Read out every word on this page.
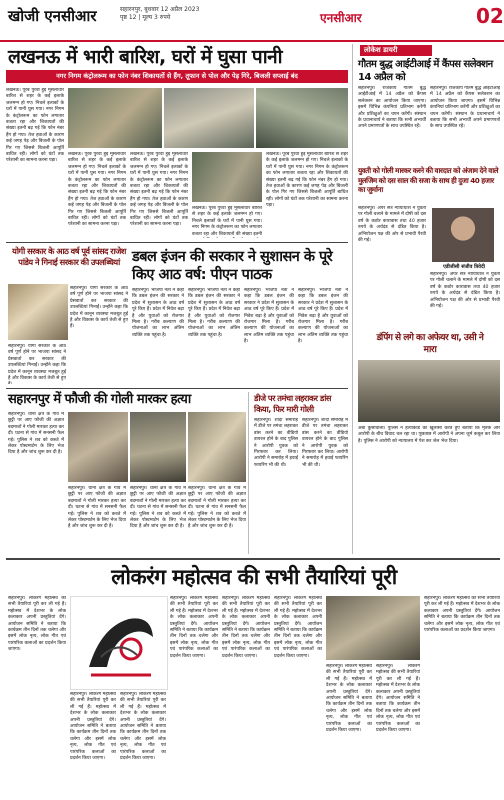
खोजी एनसीआर	सहारनपुर, बुधवार 12 अप्रैल 2023
पृष्ठ 12 | मूल्य 3 रुपये	एनसीआर	02
लखनऊ में भारी बारिश, घरों में घुसा पानी
नगर निगम कंट्रोलरूम का फोन नंबर शिकायतों से हैंग, तूफान से पोल और पेड़ गिरे, बिजली सप्लाई बंद
लखनऊ। पूरब पुरवा हुई मूसलाधार बारिश से शहर के कई इलाके जलमग्न हो गए। निचले इलाकों के घरों में पानी घुस गया। नगर निगम के कंट्रोलरूम का फोन लगातार बजता रहा और शिकायतों की संख्या इतनी बढ़ गई कि फोन नंबर हैंग हो गया। तेज हवाओं के कारण कई जगह पेड़ और बिजली के पोल गिर गए जिससे बिजली आपूर्ति बाधित रही। लोगों को घंटों तक परेशानी का सामना करना पड़ा।
लखनऊ। पूरब पुरवा हुई मूसलाधार बारिश से शहर के कई इलाके जलमग्न हो गए। निचले इलाकों के घरों में पानी घुस गया। नगर निगम के कंट्रोलरूम का फोन लगातार बजता रहा और शिकायतों की संख्या इतनी बढ़ गई कि फोन नंबर हैंग हो गया। तेज हवाओं के कारण कई जगह पेड़ और बिजली के पोल गिर गए जिससे बिजली आपूर्ति बाधित रही। लोगों को घंटों तक परेशानी का सामना करना पड़ा।
लखनऊ। पूरब पुरवा हुई मूसलाधार बारिश से शहर के कई इलाके जलमग्न हो गए। निचले इलाकों के घरों में पानी घुस गया। नगर निगम के कंट्रोलरूम का फोन लगातार बजता रहा और शिकायतों की संख्या इतनी बढ़ गई कि फोन नंबर हैंग हो गया। तेज हवाओं के कारण कई जगह पेड़ और बिजली के पोल गिर गए जिससे बिजली आपूर्ति बाधित रही। लोगों को घंटों तक परेशानी का सामना करना पड़ा।
लखनऊ। पूरब पुरवा हुई मूसलाधार बारिश से शहर के कई इलाके जलमग्न हो गए। निचले इलाकों के घरों में पानी घुस गया। नगर निगम के कंट्रोलरूम का फोन लगातार बजता रहा और शिकायतों की संख्या इतनी
लखनऊ। पूरब पुरवा हुई मूसलाधार बारिश से शहर के कई इलाके जलमग्न हो गए। निचले इलाकों के घरों में पानी घुस गया। नगर निगम के कंट्रोलरूम का फोन लगातार बजता रहा और शिकायतों की संख्या इतनी बढ़ गई कि फोन नंबर हैंग हो गया। तेज हवाओं के कारण कई जगह पेड़ और बिजली के पोल गिर गए जिससे बिजली आपूर्ति बाधित रही। लोगों को घंटों तक परेशानी का सामना करना पड़ा।
लोकेश डायरी
गौतम बुद्ध आईटीआई में कैंपस सलेक्शन 14 अप्रैल को
सहारनपुर। राजकीय गौतम बुद्ध आईटीआई में 14 अप्रैल को कैंपस सलेक्शन का आयोजन किया जाएगा। इसमें विभिन्न कंपनियां प्रतिभाग करेंगी और प्रशिक्षुओं का चयन करेंगी। संस्थान के प्रधानाचार्य ने बताया कि सभी अभ्यर्थी अपने प्रमाणपत्रों के साथ उपस्थित रहें।
सहारनपुर। राजकीय गौतम बुद्ध आईटीआई में 14 अप्रैल को कैंपस सलेक्शन का आयोजन किया जाएगा। इसमें विभिन्न कंपनियां प्रतिभाग करेंगी और प्रशिक्षुओं का चयन करेंगी। संस्थान के प्रधानाचार्य ने बताया कि सभी अभ्यर्थी अपने प्रमाणपत्रों के साथ उपस्थित रहें।
युवती को गोली मारकर करने की वारदात को अंजाम देने वाले मुलजिम को दस साल की सजा के साथ ही दुजा 40 हजार का जुर्माना
सहारनपुर। अपर सत्र न्यायाधीश ने युवती पर गोली चलाने के मामले में दोषी को दस वर्ष के कठोर कारावास तथा 40 हजार रुपये के अर्थदंड से दंडित किया है। अभियोजन पक्ष की ओर से प्रभावी पैरवी की गई।
एडीजीसी संजीव त्रिवेदी
सहारनपुर। अपर सत्र न्यायाधीश ने युवती पर गोली चलाने के मामले में दोषी को दस वर्ष के कठोर कारावास तथा 40 हजार रुपये के अर्थदंड से दंडित किया है। अभियोजन पक्ष की ओर से प्रभावी पैरवी की गई।
डंपिंग से लगे का अफेयर था, उसी ने मारा
अंबा कुर्सीवाला। पुलिस ने हत्याकांड का खुलासा करते हुए बताया कि मृतक और आरोपी के बीच विवाद चल रहा था। पूछताछ में आरोपी ने अपना जुर्म कबूल कर लिया है। पुलिस ने आरोपी को न्यायालय में पेश कर जेल भेज दिया।
योगी सरकार के आठ वर्ष पूर्व सांसद राजेश पांडेय ने गिनाई सरकार की उपलब्धियां
सहारनपुर। योगी सरकार के आठ वर्ष पूर्ण होने पर भाजपा सांसद ने प्रेसवार्ता कर सरकार की उपलब्धियां गिनाईं। उन्होंने कहा कि प्रदेश में कानून व्यवस्था मजबूत हुई है और विकास के कार्य तेजी से हुए हैं।
सहारनपुर। योगी सरकार के आठ वर्ष पूर्ण होने पर भाजपा सांसद ने प्रेसवार्ता कर सरकार की उपलब्धियां गिनाईं। उन्होंने कहा कि प्रदेश में कानून व्यवस्था मजबूत हुई है और विकास के कार्य तेजी से हुए
डबल इंजन की सरकार ने सुशासन के पूरे किए आठ वर्ष: पीएन पाठक
सहारनपुर। भाजपा नेता ने कहा कि डबल इंजन की सरकार ने प्रदेश में सुशासन के आठ वर्ष पूरे किए हैं। प्रदेश में निवेश बढ़ा है और युवाओं को रोजगार मिला है। गरीब कल्याण की योजनाओं का लाभ अंतिम व्यक्ति तक पहुंचा है।
सहारनपुर। भाजपा नेता ने कहा कि डबल इंजन की सरकार ने प्रदेश में सुशासन के आठ वर्ष पूरे किए हैं। प्रदेश में निवेश बढ़ा है और युवाओं को रोजगार मिला है। गरीब कल्याण की योजनाओं का लाभ अंतिम व्यक्ति तक पहुंचा है।
सहारनपुर। भाजपा नेता ने कहा कि डबल इंजन की सरकार ने प्रदेश में सुशासन के आठ वर्ष पूरे किए हैं। प्रदेश में निवेश बढ़ा है और युवाओं को रोजगार मिला है। गरीब कल्याण की योजनाओं का लाभ अंतिम व्यक्ति तक पहुंचा है।
सहारनपुर। भाजपा नेता ने कहा कि डबल इंजन की सरकार ने प्रदेश में सुशासन के आठ वर्ष पूरे किए हैं। प्रदेश में निवेश बढ़ा है और युवाओं को रोजगार मिला है। गरीब कल्याण की योजनाओं का लाभ अंतिम व्यक्ति तक पहुंचा है।
सहारनपुर में फौजी की गोली मारकर हत्या
सहारनपुर। थाना क्षेत्र के गांव में छुट्टी पर आए फौजी की अज्ञात बदमाशों ने गोली मारकर हत्या कर दी। घटना से गांव में सनसनी फैल गई। पुलिस ने शव को कब्जे में लेकर पोस्टमार्टम के लिए भेज दिया है और जांच शुरू कर दी है।
सहारनपुर। थाना क्षेत्र के गांव में छुट्टी पर आए फौजी की अज्ञात बदमाशों ने गोली मारकर हत्या कर दी। घटना से गांव में सनसनी फैल गई। पुलिस ने शव को कब्जे में लेकर पोस्टमार्टम के लिए भेज दिया है और जांच शुरू कर दी है।
सहारनपुर। थाना क्षेत्र के गांव में छुट्टी पर आए फौजी की अज्ञात बदमाशों ने गोली मारकर हत्या कर दी। घटना से गांव में सनसनी फैल गई। पुलिस ने शव को कब्जे में लेकर पोस्टमार्टम के लिए भेज दिया है और जांच शुरू कर दी है।
सहारनपुर। थाना क्षेत्र के गांव में छुट्टी पर आए फौजी की अज्ञात बदमाशों ने गोली मारकर हत्या कर दी। घटना से गांव में सनसनी फैल गई। पुलिस ने शव को कब्जे में लेकर पोस्टमार्टम के लिए भेज दिया है और जांच शुरू कर दी है।
डीजे पर तमंचा लहराकर डांस किया, फिर मारी गोली
सहारनपुर। शादी समारोह में डीजे पर तमंचा लहराकर डांस करने का वीडियो वायरल होने के बाद पुलिस ने आरोपी युवक को गिरफ्तार कर लिया। आरोपी ने समारोह में हवाई फायरिंग भी की थी।
सहारनपुर। शादी समारोह में डीजे पर तमंचा लहराकर डांस करने का वीडियो वायरल होने के बाद पुलिस ने आरोपी युवक को गिरफ्तार कर लिया। आरोपी ने समारोह में हवाई फायरिंग भी की थी।
लोकरंग महोत्सव की सभी तैयारियां पूरी
सहारनपुर। लोकरंग महोत्सव की सभी तैयारियां पूरी कर ली गई हैं। महोत्सव में देशभर के लोक कलाकार अपनी प्रस्तुतियां देंगे। आयोजन समिति ने बताया कि कार्यक्रम तीन दिनों तक चलेगा और इसमें लोक नृत्य, लोक गीत एवं पारंपरिक कलाओं का प्रदर्शन किया जाएगा।
सहारनपुर। लोकरंग महोत्सव की सभी तैयारियां पूरी कर ली गई हैं। महोत्सव में देशभर के लोक कलाकार अपनी प्रस्तुतियां देंगे। आयोजन समिति ने बताया कि कार्यक्रम तीन दिनों तक चलेगा और इसमें लोक नृत्य, लोक गीत एवं पारंपरिक कलाओं का प्रदर्शन किया जाएगा।
सहारनपुर। लोकरंग महोत्सव की सभी तैयारियां पूरी कर ली गई हैं। महोत्सव में देशभर के लोक कलाकार अपनी प्रस्तुतियां देंगे। आयोजन समिति ने बताया कि कार्यक्रम तीन दिनों तक चलेगा और इसमें लोक नृत्य, लोक गीत एवं पारंपरिक कलाओं का प्रदर्शन किया जाएगा।
सहारनपुर। लोकरंग महोत्सव की सभी तैयारियां पूरी कर ली गई हैं। महोत्सव में देशभर के लोक कलाकार अपनी प्रस्तुतियां देंगे। आयोजन समिति ने बताया कि कार्यक्रम तीन दिनों तक चलेगा और इसमें लोक नृत्य, लोक गीत एवं पारंपरिक कलाओं का प्रदर्शन किया जाएगा।
सहारनपुर। लोकरंग महोत्सव की सभी तैयारियां पूरी कर ली गई हैं। महोत्सव में देशभर के लोक कलाकार अपनी प्रस्तुतियां देंगे। आयोजन समिति ने बताया कि कार्यक्रम तीन दिनों तक चलेगा और इसमें लोक नृत्य, लोक गीत एवं पारंपरिक कलाओं का प्रदर्शन किया जाएगा।
सहारनपुर। लोकरंग महोत्सव की सभी तैयारियां पूरी कर ली गई हैं। महोत्सव में देशभर के लोक कलाकार अपनी प्रस्तुतियां देंगे। आयोजन समिति ने बताया कि कार्यक्रम तीन दिनों तक चलेगा और इसमें लोक नृत्य, लोक गीत एवं पारंपरिक कलाओं का प्रदर्शन किया जाएगा।
सहारनपुर। लोकरंग महोत्सव की सभी तैयारियां पूरी कर ली गई हैं। महोत्सव में देशभर के लोक कलाकार अपनी प्रस्तुतियां देंगे। आयोजन समिति ने बताया कि कार्यक्रम तीन दिनों तक चलेगा और इसमें लोक नृत्य, लोक गीत एवं पारंपरिक कलाओं का प्रदर्शन किया जाएगा।
सहारनपुर। लोकरंग महोत्सव की सभी तैयारियां पूरी कर ली गई हैं। महोत्सव में देशभर के लोक कलाकार अपनी प्रस्तुतियां देंगे। आयोजन समिति ने बताया कि कार्यक्रम तीन दिनों तक चलेगा और इसमें लोक नृत्य, लोक गीत एवं पारंपरिक कलाओं का प्रदर्शन किया जाएगा।
सहारनपुर। लोकरंग महोत्सव की सभी तैयारियां पूरी कर ली गई हैं। महोत्सव में देशभर के लोक कलाकार अपनी प्रस्तुतियां देंगे। आयोजन समिति ने बताया कि कार्यक्रम तीन दिनों तक चलेगा और इसमें लोक नृत्य, लोक गीत एवं पारंपरिक कलाओं का प्रदर्शन किया जाएगा।
